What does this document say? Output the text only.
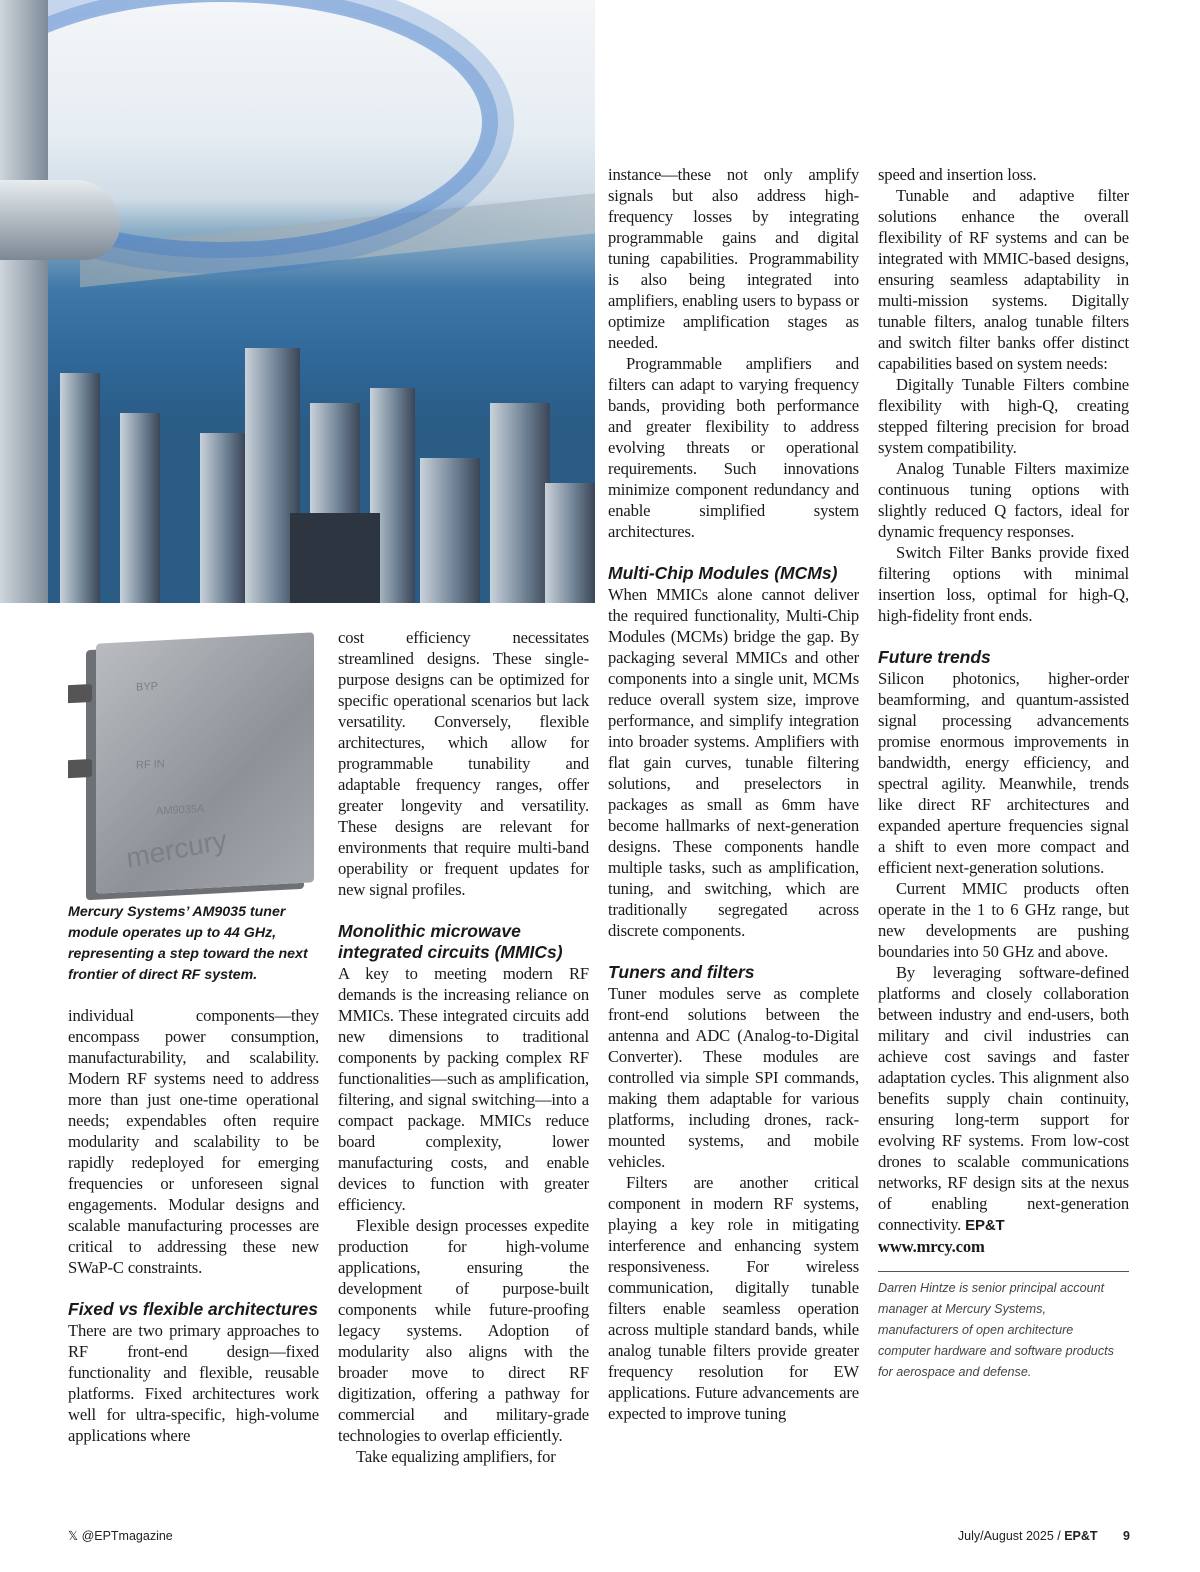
BYP
RF IN
AM9035A
mercury
Mercury Systems’ AM9035 tuner module operates up to 44 GHz, representing a step toward the next frontier of direct RF system.

individual components—they encompass power consumption, manufacturability, and scalability. Modern RF systems need to address more than just one-time operational needs; expendables often require modularity and scalability to be rapidly redeployed for emerging frequencies or unforeseen signal engagements. Modular designs and scalable manufacturing processes are critical to addressing these new SWaP-C constraints.

Fixed vs flexible architectures

There are two primary approaches to RF front-end design—fixed functionality and flexible, reusable platforms. Fixed architectures work well for ultra-specific, high-volume applications where

cost efficiency necessitates streamlined designs. These single-purpose designs can be optimized for specific operational scenarios but lack versatility. Conversely, flexible architectures, which allow for programmable tunability and adaptable frequency ranges, offer greater longevity and versatility. These designs are relevant for environments that require multi-band operability or frequent updates for new signal profiles.

Monolithic microwave integrated circuits (MMICs)

A key to meeting modern RF demands is the increasing reliance on MMICs. These integrated circuits add new dimensions to traditional components by packing complex RF functionalities—such as amplification, filtering, and signal switching—into a compact package. MMICs reduce board complexity, lower manufacturing costs, and enable devices to function with greater efficiency.

Flexible design processes expedite production for high-volume applications, ensuring the development of purpose-built components while future-proofing legacy systems. Adoption of modularity also aligns with the broader move to direct RF digitization, offering a pathway for commercial and military-grade technologies to overlap efficiently.

Take equalizing amplifiers, for

instance—these not only amplify signals but also address high-frequency losses by integrating programmable gains and digital tuning capabilities. Programmability is also being integrated into amplifiers, enabling users to bypass or optimize amplification stages as needed.

Programmable amplifiers and filters can adapt to varying frequency bands, providing both performance and greater flexibility to address evolving threats or operational requirements. Such innovations minimize component redundancy and enable simplified system architectures.

Multi-Chip Modules (MCMs)

When MMICs alone cannot deliver the required functionality, Multi-Chip Modules (MCMs) bridge the gap. By packaging several MMICs and other components into a single unit, MCMs reduce overall system size, improve performance, and simplify integration into broader systems. Amplifiers with flat gain curves, tunable filtering solutions, and preselectors in packages as small as 6mm have become hallmarks of next-generation designs. These components handle multiple tasks, such as amplification, tuning, and switching, which are traditionally segregated across discrete components.

Tuners and filters

Tuner modules serve as complete front-end solutions between the antenna and ADC (Analog-to-Digital Converter). These modules are controlled via simple SPI commands, making them adaptable for various platforms, including drones, rack-mounted systems, and mobile vehicles.

Filters are another critical component in modern RF systems, playing a key role in mitigating interference and enhancing system responsiveness. For wireless communication, digitally tunable filters enable seamless operation across multiple standard bands, while analog tunable filters provide greater frequency resolution for EW applications. Future advancements are expected to improve tuning

speed and insertion loss.

Tunable and adaptive filter solutions enhance the overall flexibility of RF systems and can be integrated with MMIC-based designs, ensuring seamless adaptability in multi-mission systems. Digitally tunable filters, analog tunable filters and switch filter banks offer distinct capabilities based on system needs:

Digitally Tunable Filters combine flexibility with high-Q, creating stepped filtering precision for broad system compatibility.

Analog Tunable Filters maximize continuous tuning options with slightly reduced Q factors, ideal for dynamic frequency responses.

Switch Filter Banks provide fixed filtering options with minimal insertion loss, optimal for high-Q, high-fidelity front ends.

Future trends

Silicon photonics, higher-order beamforming, and quantum-assisted signal processing advancements promise enormous improvements in bandwidth, energy efficiency, and spectral agility. Meanwhile, trends like direct RF architectures and expanded aperture frequencies signal a shift to even more compact and efficient next-generation solutions.

Current MMIC products often operate in the 1 to 6 GHz range, but new developments are pushing boundaries into 50 GHz and above.

By leveraging software-defined platforms and closely collaboration between industry and end-users, both military and civil industries can achieve cost savings and faster adaptation cycles. This alignment also benefits supply chain continuity, ensuring long-term support for evolving RF systems. From low-cost drones to scalable communications networks, RF design sits at the nexus of enabling next-generation connectivity. EP&T

www.mrcy.com

Darren Hintze is senior principal account manager at Mercury Systems, manufacturers of open architecture computer hardware and software products for aerospace and defense.
𝕏 @EPTmagazine	July/August 2025 / EP&T 9
